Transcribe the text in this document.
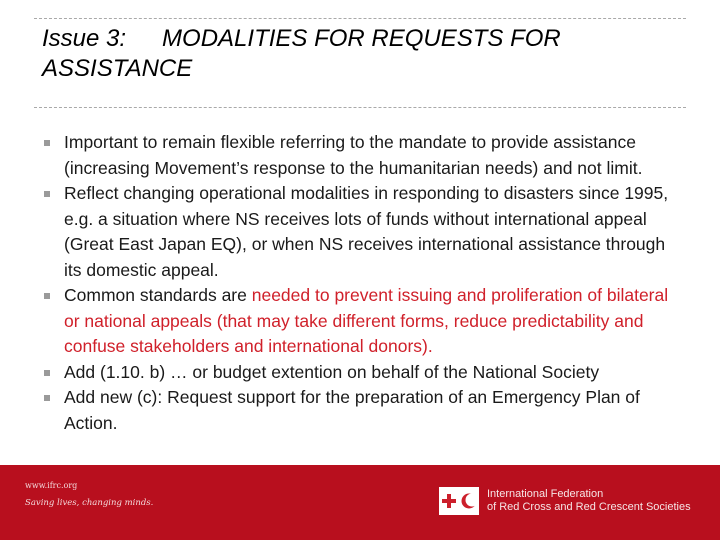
Issue 3: MODALITIES FOR REQUESTS FOR
ASSISTANCE
Important to remain flexible referring to the mandate to provide assistance (increasing Movement’s response to the humanitarian needs) and not limit.
Reflect changing operational modalities in responding to disasters since 1995, e.g. a situation where NS receives lots of funds without international appeal (Great East Japan EQ), or when NS receives international assistance through its domestic appeal.
Common standards are needed to prevent issuing and proliferation of bilateral or national appeals (that may take different forms, reduce predictability and confuse stakeholders and international donors).
Add (1.10. b) … or budget extention on behalf of the National Society
Add new (c): Request support for the preparation of an Emergency Plan of Action.
www.ifrc.org
Saving lives, changing minds.
International Federation
of Red Cross and Red Crescent Societies
